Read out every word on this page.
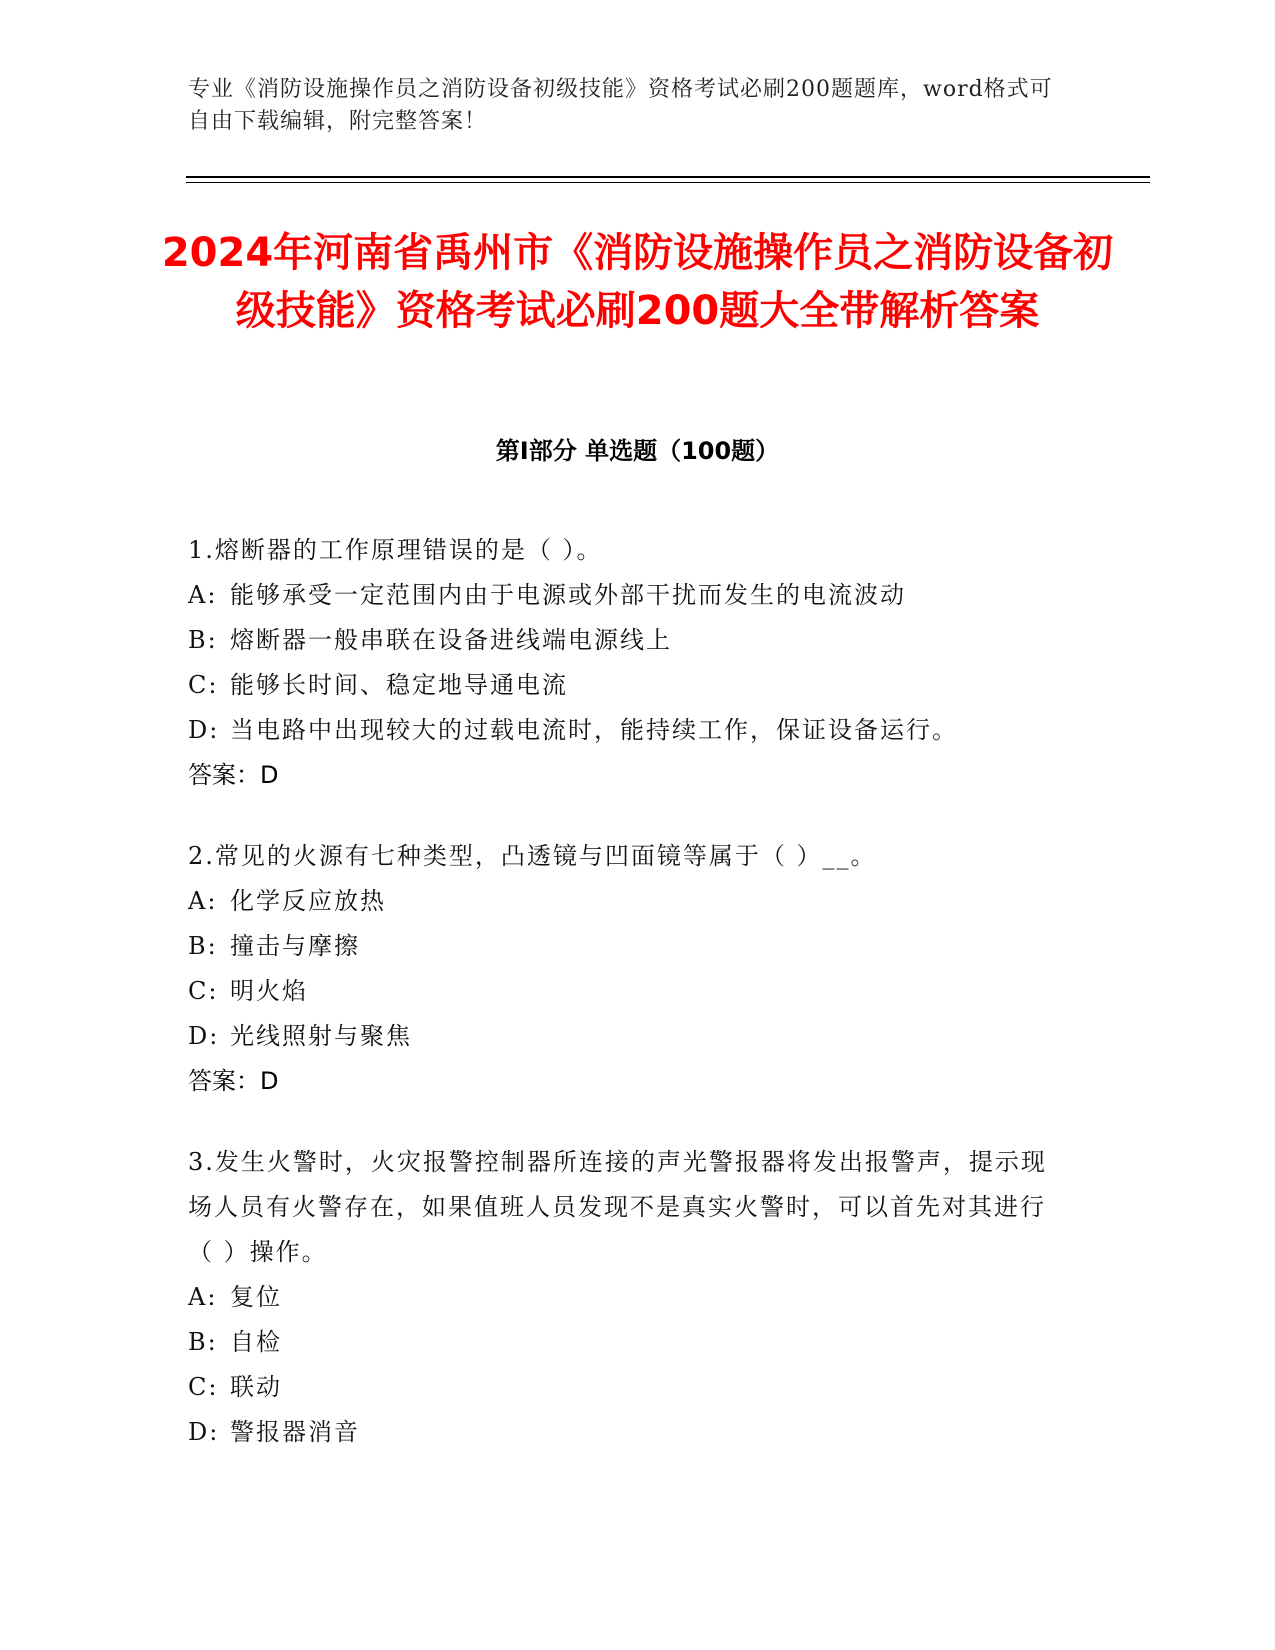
专业《消防设施操作员之消防设备初级技能》资格考试必刷200题题库，word格式可自由下载编辑，附完整答案！
2024年河南省禹州市《消防设施操作员之消防设备初级技能》资格考试必刷200题大全带解析答案
第Ⅰ部分 单选题（100题）

1.熔断器的工作原理错误的是（ ）。

A: 能够承受一定范围内由于电源或外部干扰而发生的电流波动

B: 熔断器一般串联在设备进线端电源线上

C: 能够长时间、稳定地导通电流

D: 当电路中出现较大的过载电流时，能持续工作，保证设备运行。

答案：D

2.常见的火源有七种类型，凸透镜与凹面镜等属于（ ）__。

A: 化学反应放热

B: 撞击与摩擦

C: 明火焰

D: 光线照射与聚焦

答案：D

3.发生火警时，火灾报警控制器所连接的声光警报器将发出报警声，提示现场人员有火警存在，如果值班人员发现不是真实火警时，可以首先对其进行（ ）操作。

A: 复位

B: 自检

C: 联动

D: 警报器消音
